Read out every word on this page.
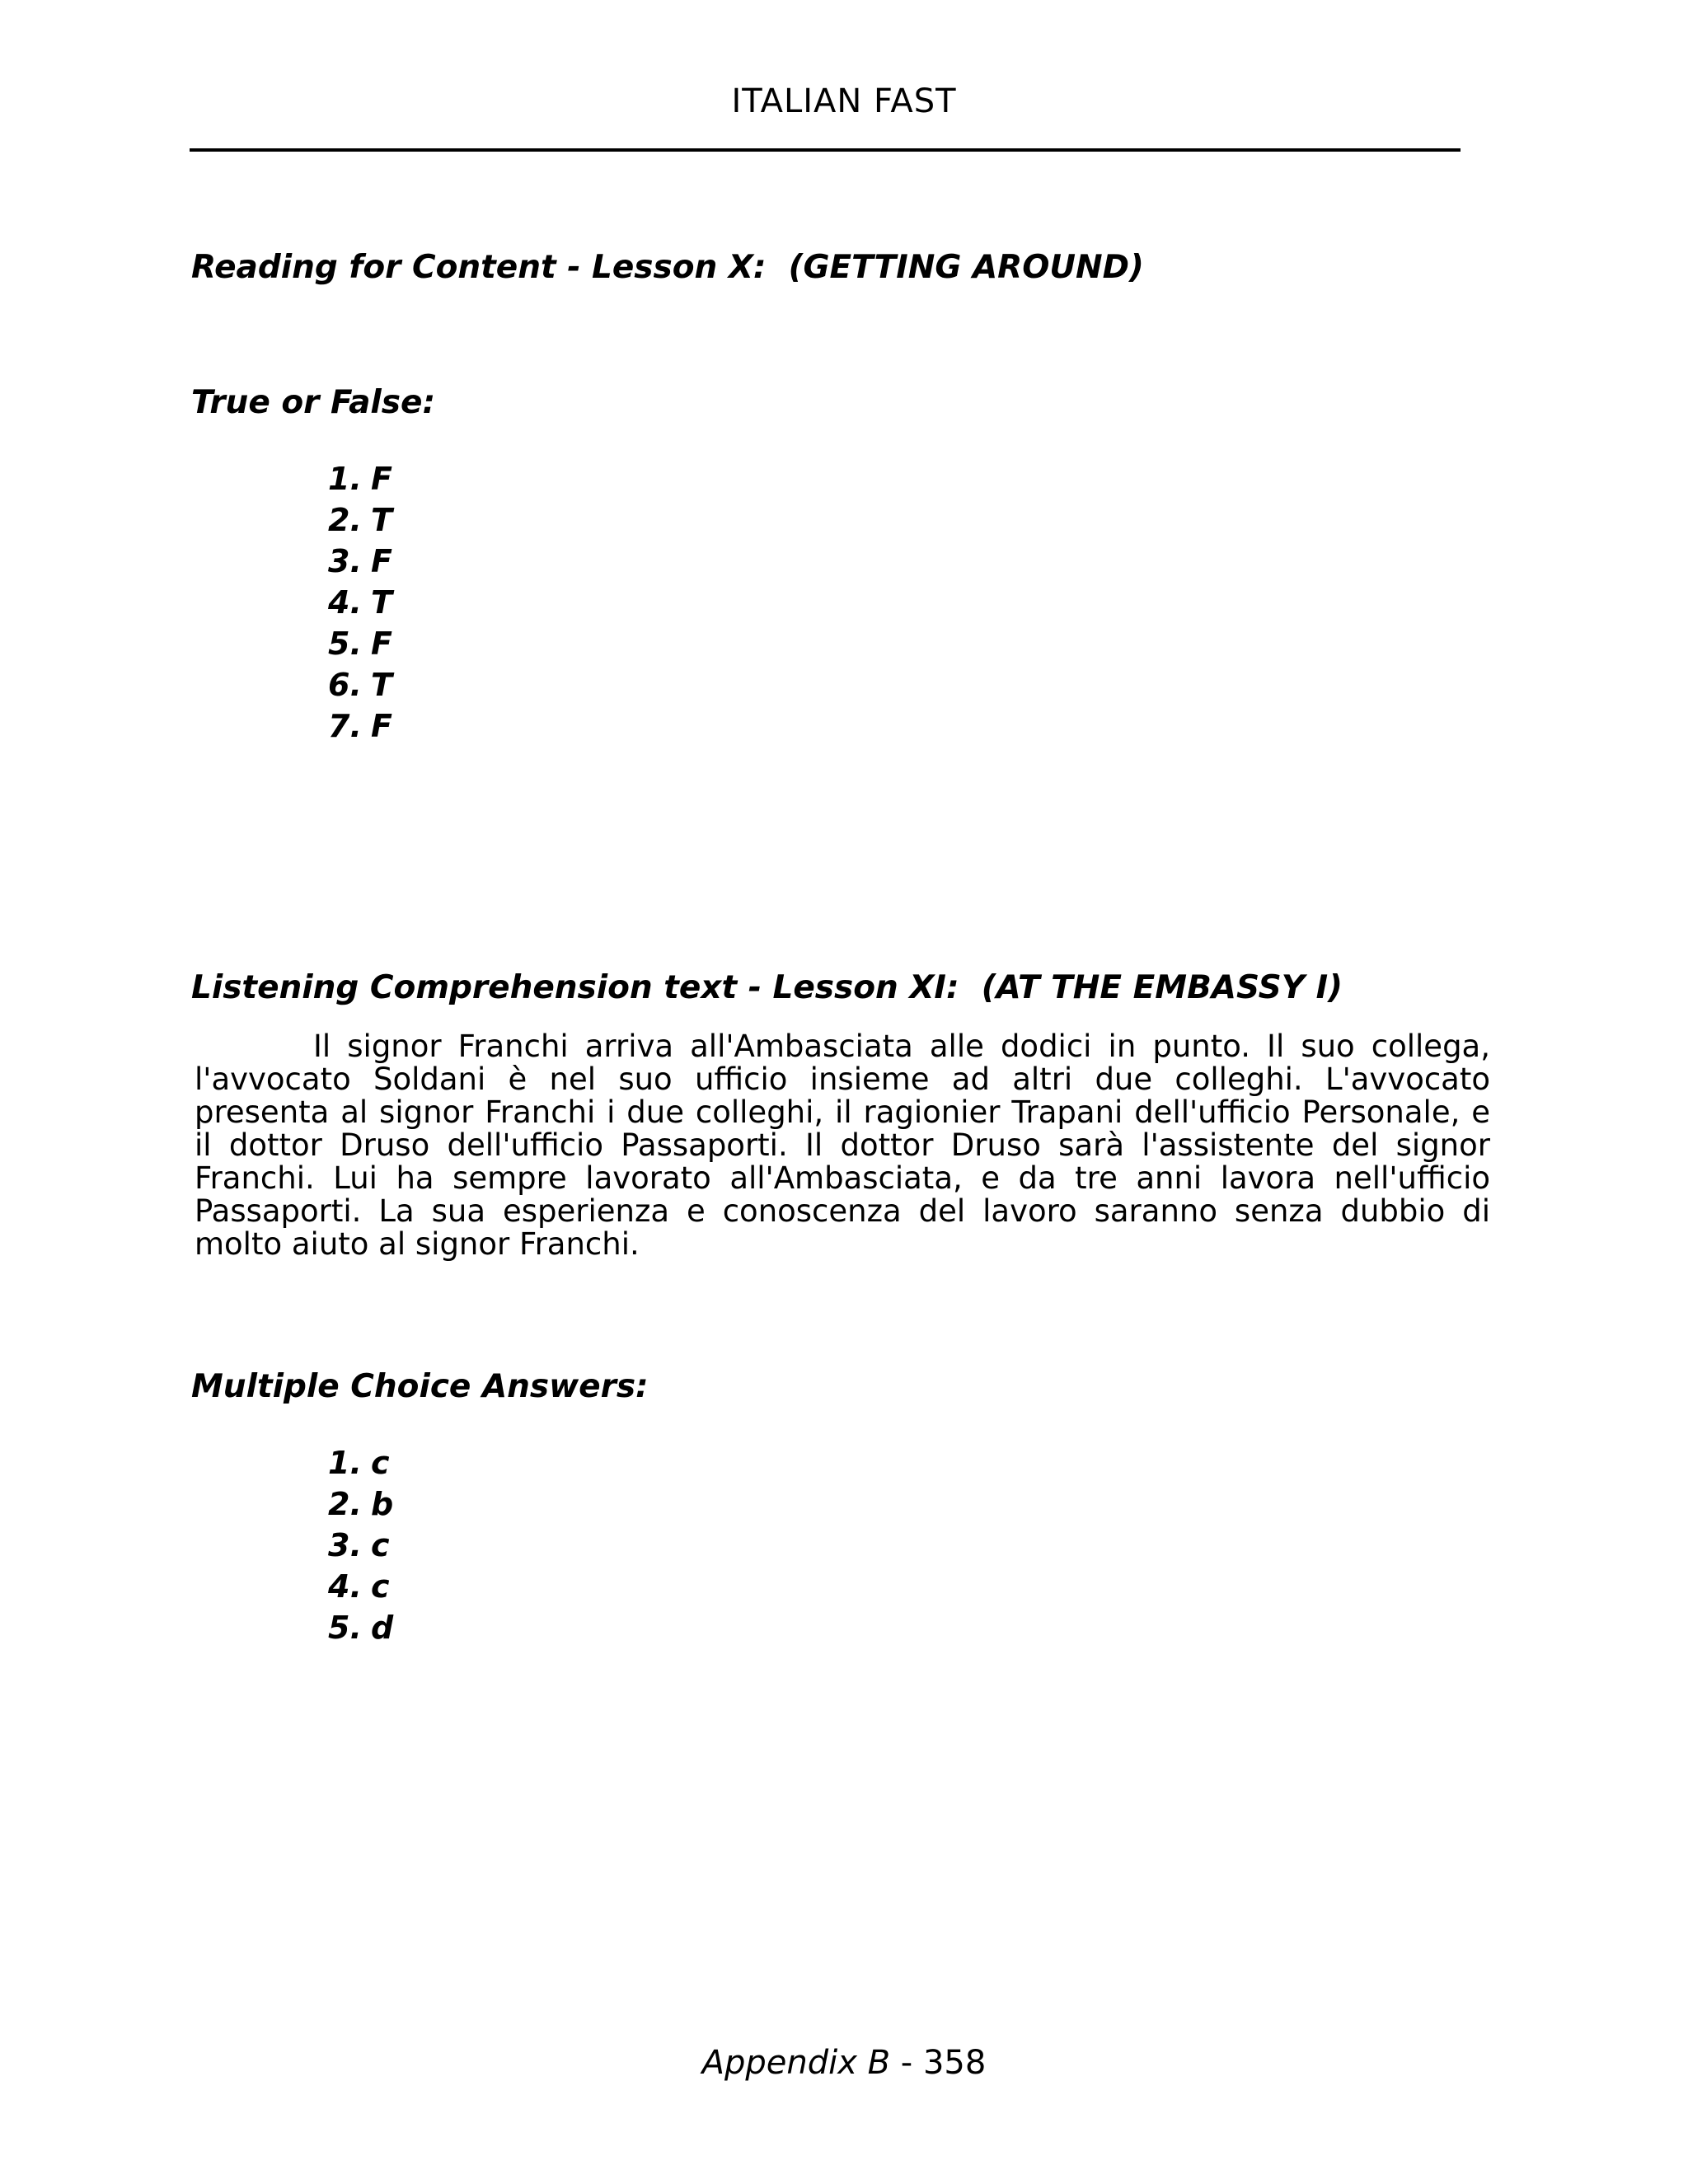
ITALIAN FAST
Reading for Content - Lesson X:  (GETTING AROUND)
True or False:
1. F
2. T
3. F
4. T
5. F
6. T
7. F
Listening Comprehension text - Lesson XI:  (AT THE EMBASSY I)

Il signor Franchi arriva all'Ambasciata alle dodici in punto. Il suo collega, l'avvocato Soldani è nel suo ufficio insieme ad altri due colleghi. L'avvocato presenta al signor Franchi i due colleghi, il ragionier Trapani dell'ufficio Personale, e il dottor Druso dell'ufficio Passaporti. Il dottor Druso sarà l'assistente del signor Franchi. Lui ha sempre lavorato all'Ambasciata, e da tre anni lavora nell'ufficio Passaporti. La sua esperienza e conoscenza del lavoro saranno senza dubbio di molto aiuto al signor Franchi.

Multiple Choice Answers:
1. c
2. b
3. c
4. c
5. d
Appendix B - 358
